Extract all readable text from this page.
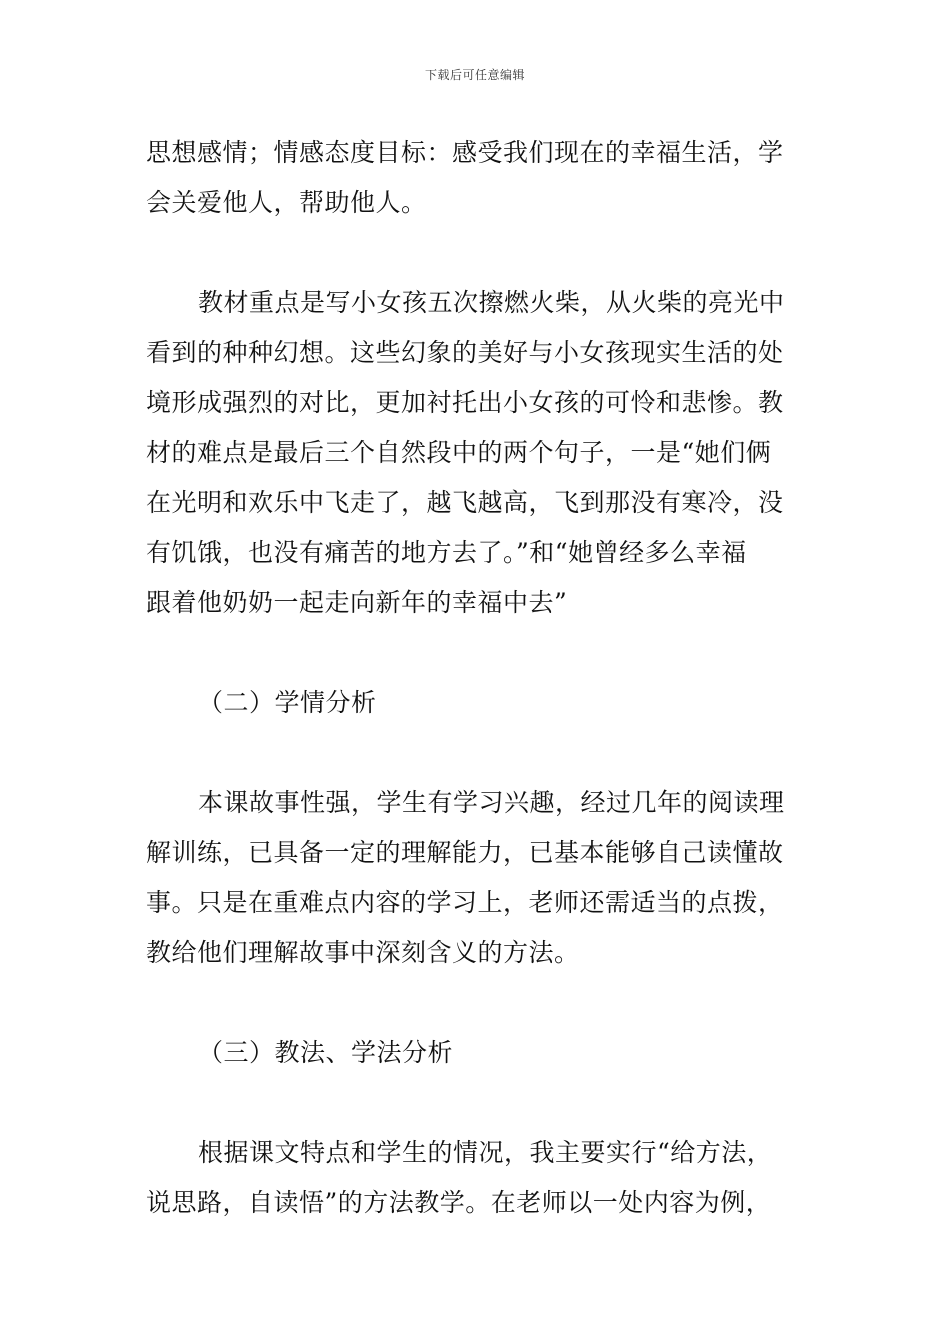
下载后可任意编辑
思想感情；情感态度目标：感受我们现在的幸福生活，学
会关爱他人，帮助他人。
教材重点是写小女孩五次擦燃火柴，从火柴的亮光中
看到的种种幻想。这些幻象的美好与小女孩现实生活的处
境形成强烈的对比，更加衬托出小女孩的可怜和悲惨。教
材的难点是最后三个自然段中的两个句子，一是“她们俩
在光明和欢乐中飞走了，越飞越高，飞到那没有寒冷，没
有饥饿，也没有痛苦的地方去了。”和“她曾经多么幸福
跟着他奶奶一起走向新年的幸福中去”
（二）学情分析
本课故事性强，学生有学习兴趣，经过几年的阅读理
解训练，已具备一定的理解能力，已基本能够自己读懂故
事。只是在重难点内容的学习上，老师还需适当的点拨，
教给他们理解故事中深刻含义的方法。
（三）教法、学法分析
根据课文特点和学生的情况，我主要实行“给方法，
说思路，自读悟”的方法教学。在老师以一处内容为例，
